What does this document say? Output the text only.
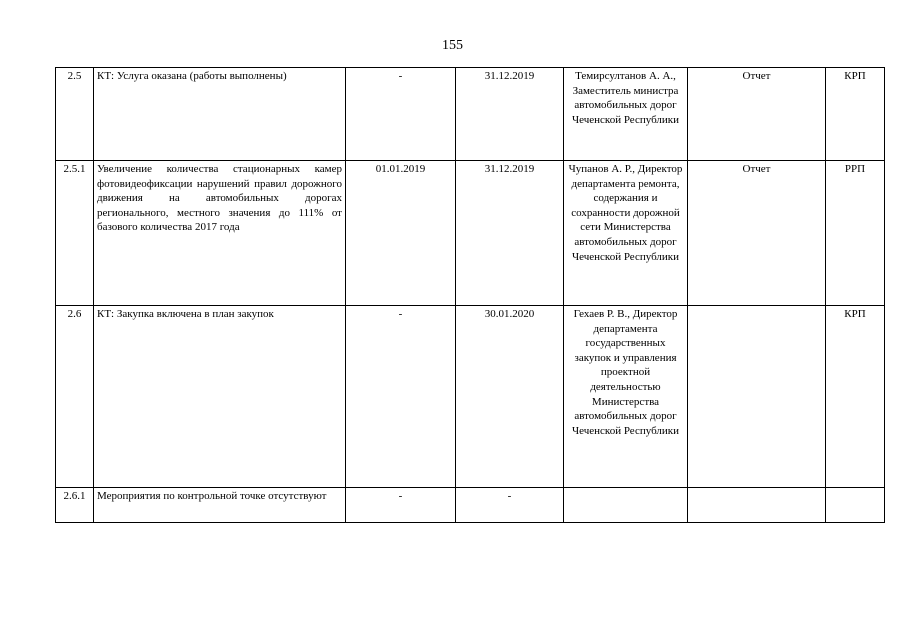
155
2.5	КТ: Услуга оказана (работы выполнены)	-	31.12.2019	Темирсултанов А. А., Заместитель министра автомобильных дорог Чеченской Республики	Отчет	КРП
2.5.1	Увеличение количества стационарных камер фотовидеофиксации нарушений правил дорожного движения на автомобильных дорогах регионального, местного значения до 111% от базового количества 2017 года	01.01.2019	31.12.2019	Чупанов А. Р., Директор департамента ремонта, содержания и сохранности дорожной сети Министерства автомобильных дорог Чеченской Республики	Отчет	РРП
2.6	КТ: Закупка включена в план закупок	-	30.01.2020	Гехаев Р. В., Директор департамента государственных закупок и управления проектной деятельностью Министерства автомобильных дорог Чеченской Республики		КРП
2.6.1	Мероприятия по контрольной точке отсутствуют	-	-			
